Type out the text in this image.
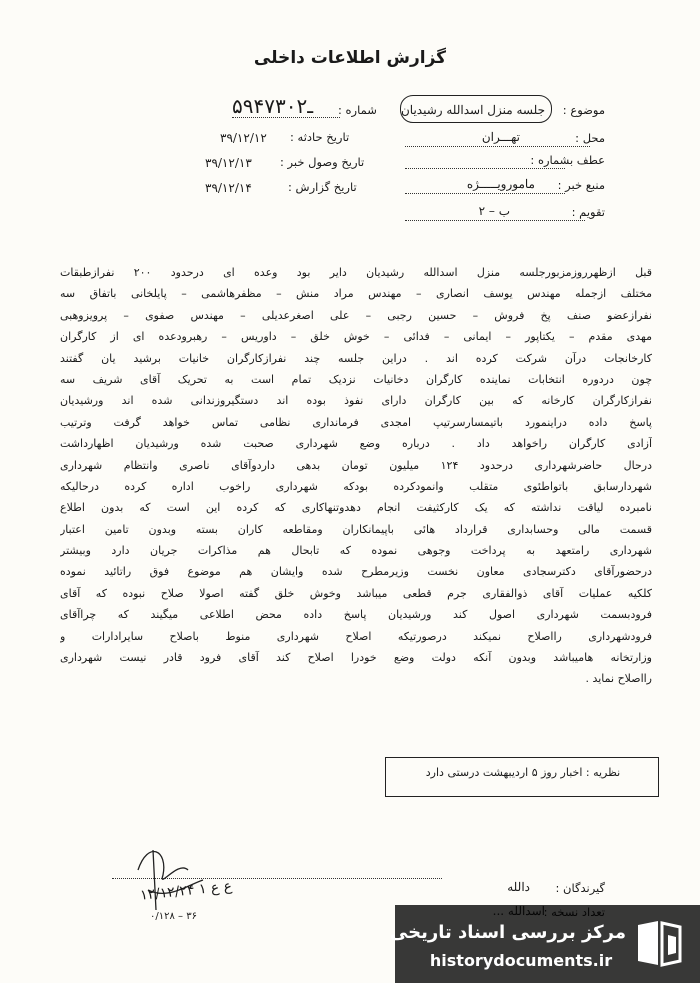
گزارش اطلاعات داخلی
موضوع :
جلسه منزل اسدالله رشیدیان
محل :
تهـــران
عطف بشماره :
منبع خبر :
مامورویـــــژه
تقویم :
ب – ۲
شماره :
۵۹۴۷ـ۳۰۲
تاریخ حادثه :
۳۹/۱۲/۱۲
تاریخ وصول خبر :
۳۹/۱۲/۱۳
تاریخ گزارش :
۳۹/۱۲/۱۴
قبل ازظهرروزمزبورجلسه منزل اسدالله رشیدیان دایر بود وعده ای درحدود ۲۰۰ نفرازطبقات
مختلف ازجمله مهندس یوسف انصاری – مهندس مراد منش – مظفرهاشمی – پایلخانی باتفاق سه
نفرازعضو صنف پخ فروش – حسین رجبی – علی اصغرعدیلی – مهندس صفوی – پرویزوهبی
مهدی مقدم – یکتاپور – ایمانی – فدائی – خوش خلق – داوریس – رهبرودعده ای از کارگران
کارخانجات درآن شرکت کرده اند . دراین جلسه چند نفرازکارگران خانیات برشید یان گفتند
چون دردوره انتخابات نماینده کارگران دخانیات نزدیک تمام است به تحریک آقای شریف سه
نفرازکارگران کارخانه که بین کارگران دارای نفوذ بوده اند دستگیروزندانی شده اند ورشیدیان
پاسخ داده دراینمورد باتیمسارسرتیپ امجدی فرمانداری نظامی تماس خواهد گرفت وترتیب
آزادی کارگران راخواهد داد . درباره وضع شهرداری صحبت شده ورشیدیان اظهارداشت
درحال حاضرشهرداری درحدود ۱۲۴ میلیون تومان بدهی داردوآقای ناصری وانتظام شهرداری
شهردارسابق باتواطئوی متقلب وانمودکرده بودکه شهرداری راخوب اداره کرده درحالیکه
نامبرده لیاقت نداشته که یک کارکثیفت انجام دهدوتنهاکاری که کرده این است که بدون اطلاع
قسمت مالی وحسابداری قرارداد هائی باپیمانکاران ومقاطعه کاران بسته وبدون تامین اعتبار
شهرداری رامتعهد به پرداخت وجوهی نموده که تابحال هم مذاکرات جریان دارد وبیشتر
درحضورآقای دکترسجادی معاون نخست وزیرمطرح شده وایشان هم موضوع فوق راتائید نموده
کلکیه عملیات آقای ذوالفقاری جرم قطعی میباشد وخوش خلق گفته اصولا صلاح نبوده که آقای
فرودبسمت شهرداری اصول کند ورشیدیان پاسخ داده محض اطلاعی میگیند که چراآقای
فرودشهرداری رااصلاح نمیکند درصورتیکه اصلاح شهرداری منوط باصلاح سایرادارات و
وزارتخانه هامیباشد وبدون آنکه دولت وضع خودرا اصلاح کند آقای فرود قادر نیست شهرداری
رااصلاح نماید .
نظریه : اخبار روز ۵ اردیبهشت درستی دارد
۱۲/۱۲/۲۴ ۱ ع ع
۰/۱۲۸ – ۳۶
گیرندگان :
دالله
مرکز بررسی اسناد تاریخی
historydocuments.ir
